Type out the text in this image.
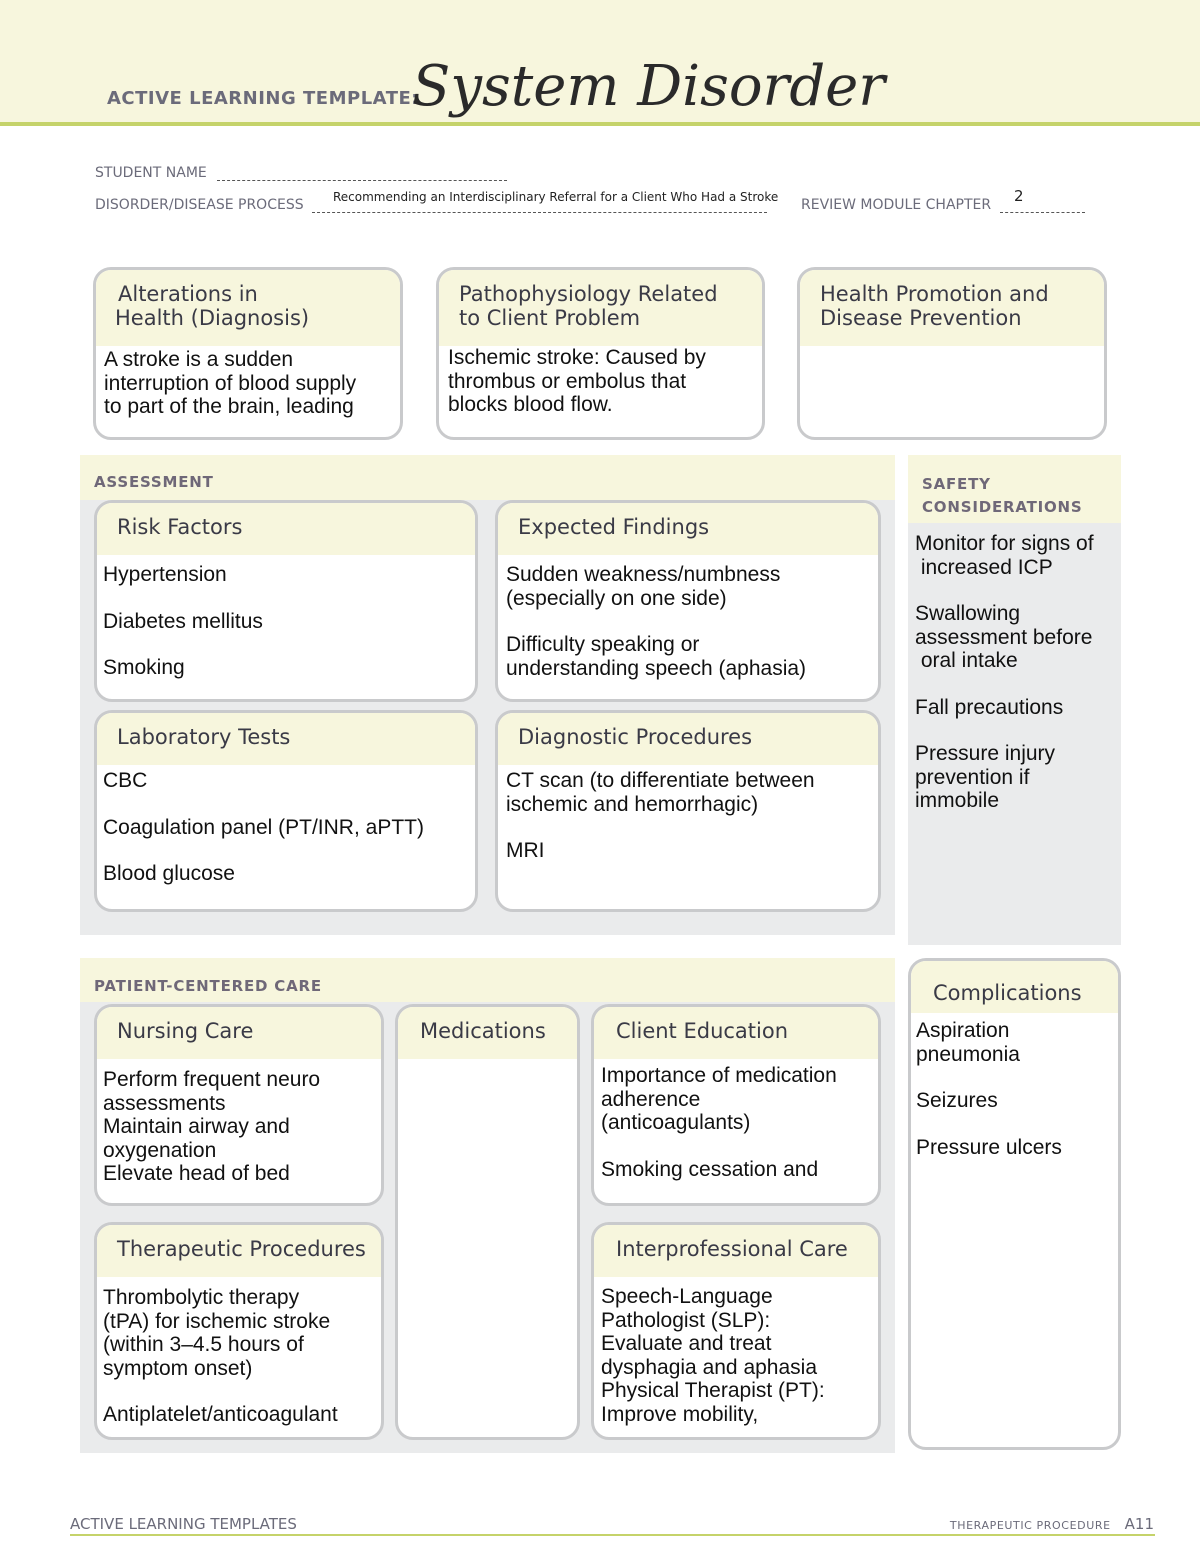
ACTIVE LEARNING TEMPLATE:
System Disorder
STUDENT NAME
DISORDER/DISEASE PROCESS	Recommending an Interdisciplinary Referral for a Client Who Had a Stroke REVIEW MODULE CHAPTER	2
Alterations in
Health (Diagnosis)
A stroke is a sudden
interruption of blood supply
to part of the brain, leading
Pathophysiology Related
to Client Problem
Ischemic stroke: Caused by
thrombus or embolus that
blocks blood flow.
Health Promotion and
Disease Prevention
ASSESSMENT
Risk Factors

Hypertension

Diabetes mellitus

Smoking

Expected Findings

Sudden weakness/numbness
(especially on one side)

Difficulty speaking or
understanding speech (aphasia)

Laboratory Tests

CBC

Coagulation panel (PT/INR, aPTT)

Blood glucose

Diagnostic Procedures

CT scan (to differentiate between
ischemic and hemorrhagic)

MRI

SAFETY
CONSIDERATIONS

Monitor for signs of
increased ICP

Swallowing
assessment before
oral intake

Fall precautions

Pressure injury
prevention if
immobile

PATIENT-CENTERED CARE
Nursing Care
Perform frequent neuro
assessments
Maintain airway and
oxygenation
Elevate head of bed
Medications	Client Education

Importance of medication
adherence
(anticoagulants)

Smoking cessation and

Therapeutic Procedures

Thrombolytic therapy
(tPA) for ischemic stroke
(within 3–4.5 hours of
symptom onset)

Antiplatelet/anticoagulant

Interprofessional Care
Speech-Language
Pathologist (SLP):
Evaluate and treat
dysphagia and aphasia
Physical Therapist (PT):
Improve mobility,
Complications

Aspiration
pneumonia

Seizures

Pressure ulcers

ACTIVE LEARNING TEMPLATES	THERAPEUTIC PROCEDURE A11
